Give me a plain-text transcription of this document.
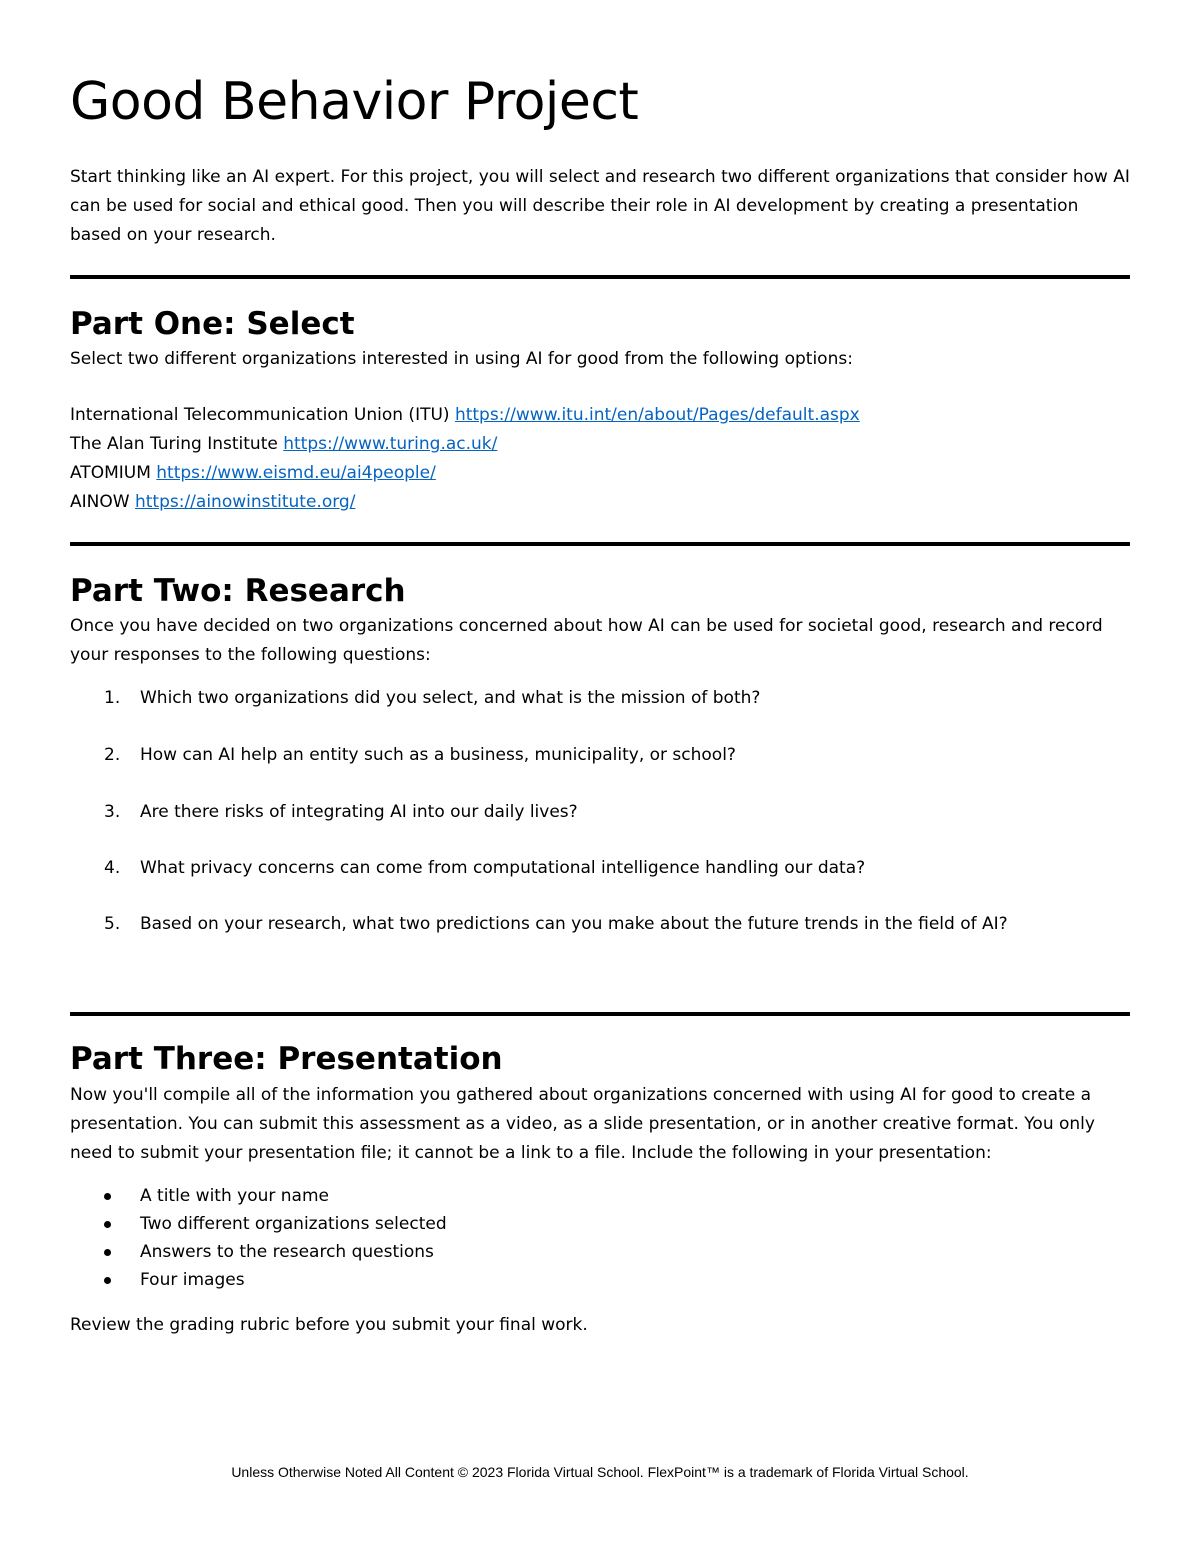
Good Behavior Project

Start thinking like an AI expert. For this project, you will select and research two different organizations that consider how AI can be used for social and ethical good. Then you will describe their role in AI development by creating a presentation based on your research.

Part One: Select

Select two different organizations interested in using AI for good from the following options:

International Telecommunication Union (ITU) https://www.itu.int/en/about/Pages/default.aspx
The Alan Turing Institute https://www.turing.ac.uk/
ATOMIUM https://www.eismd.eu/ai4people/
AINOW https://ainowinstitute.org/
Part Two: Research

Once you have decided on two organizations concerned about how AI can be used for societal good, research and record your responses to the following questions:

1. Which two organizations did you select, and what is the mission of both?
2. How can AI help an entity such as a business, municipality, or school?
3. Are there risks of integrating AI into our daily lives?
4. What privacy concerns can come from computational intelligence handling our data?
5. Based on your research, what two predictions can you make about the future trends in the field of AI?
Part Three: Presentation

Now you'll compile all of the information you gathered about organizations concerned with using AI for good to create a presentation. You can submit this assessment as a video, as a slide presentation, or in another creative format. You only need to submit your presentation file; it cannot be a link to a file. Include the following in your presentation:

A title with your name
Two different organizations selected
Answers to the research questions
Four images

Review the grading rubric before you submit your final work.

Unless Otherwise Noted All Content © 2023 Florida Virtual School. FlexPoint™ is a trademark of Florida Virtual School.
